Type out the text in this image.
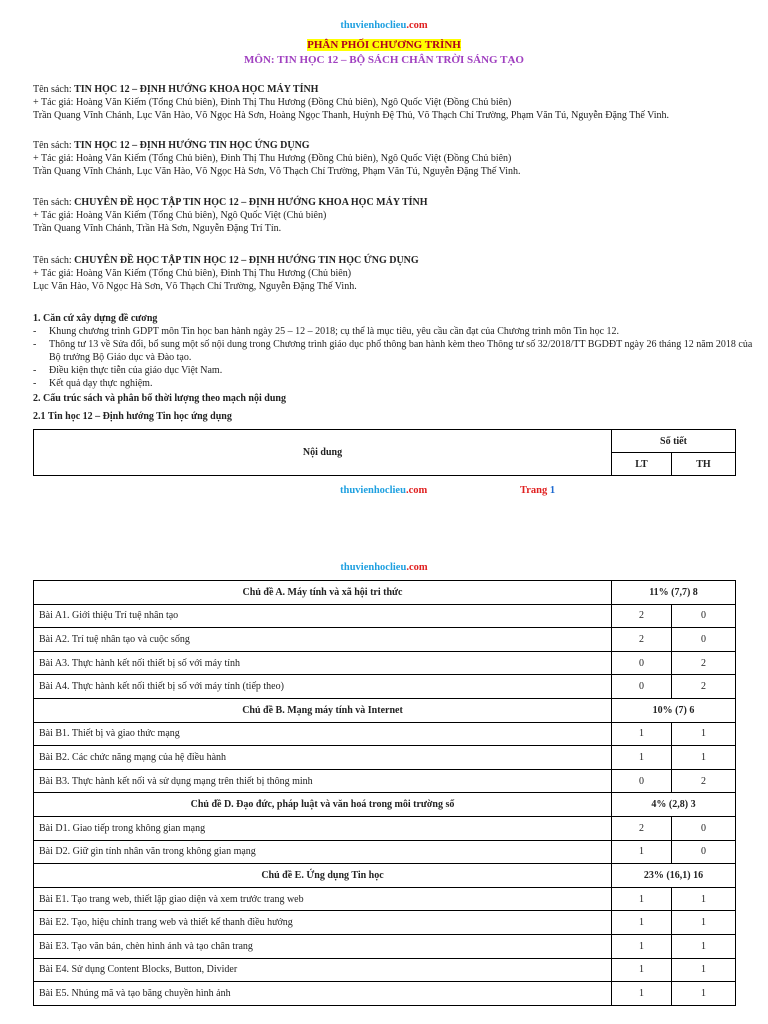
thuvienhoclieu.com
PHÂN PHỐI CHƯƠNG TRÌNH
MÔN: TIN HỌC 12 – BỘ SÁCH CHÂN TRỜI SÁNG TẠO
Tên sách: TIN HỌC 12 – ĐỊNH HƯỚNG KHOA HỌC MÁY TÍNH
+ Tác giả: Hoàng Văn Kiếm (Tổng Chủ biên), Đinh Thị Thu Hương (Đồng Chủ biên), Ngô Quốc Việt (Đồng Chủ biên)
Trần Quang Vĩnh Chánh, Lục Văn Hào, Võ Ngọc Hà Sơn, Hoàng Ngọc Thanh, Huỳnh Đệ Thủ, Võ Thạch Chí Trường, Phạm Văn Tú, Nguyễn Đặng Thế Vinh.
Tên sách: TIN HỌC 12 – ĐỊNH HƯỚNG TIN HỌC ỨNG DỤNG
+ Tác giả: Hoàng Văn Kiếm (Tổng Chủ biên), Đinh Thị Thu Hương (Đồng Chủ biên), Ngô Quốc Việt (Đồng Chủ biên)
Trần Quang Vĩnh Chánh, Lục Văn Hào, Võ Ngọc Hà Sơn, Võ Thạch Chí Trường, Phạm Văn Tú, Nguyễn Đặng Thế Vinh.
Tên sách: CHUYÊN ĐỀ HỌC TẬP TIN HỌC 12 – ĐỊNH HƯỚNG KHOA HỌC MÁY TÍNH
+ Tác giả: Hoàng Văn Kiếm (Tổng Chủ biên), Ngô Quốc Việt (Chủ biên)
Trần Quang Vĩnh Chánh, Trần Hà Sơn, Nguyễn Đặng Trí Tín.
Tên sách: CHUYÊN ĐỀ HỌC TẬP TIN HỌC 12 – ĐỊNH HƯỚNG TIN HỌC ỨNG DỤNG
+ Tác giả: Hoàng Văn Kiếm (Tổng Chủ biên), Đinh Thị Thu Hương (Chủ biên)
Lục Văn Hào, Võ Ngọc Hà Sơn, Võ Thạch Chí Trường, Nguyễn Đặng Thế Vinh.
1. Căn cứ xây dựng đề cương
-	Khung chương trình GDPT môn Tin học ban hành ngày 25 – 12 – 2018; cụ thể là mục tiêu, yêu cầu cần đạt của Chương trình môn Tin học 12.
-	Thông tư 13 về Sửa đổi, bổ sung một số nội dung trong Chương trình giáo dục phổ thông ban hành kèm theo Thông tư số 32/2018/TT BGDĐT ngày 26 tháng 12 năm 2018 của Bộ trưởng Bộ Giáo dục và Đào tạo.
-	Điều kiện thực tiễn của giáo dục Việt Nam.
-	Kết quả dạy thực nghiệm.
2. Cấu trúc sách và phân bố thời lượng theo mạch nội dung
2.1 Tin học 12 – Định hướng Tin học ứng dụng
Nội dung	Số tiết	
	LT	TH
thuvienhoclieu.com	Trang 1
thuvienhoclieu.com
Chủ đề A. Máy tính và xã hội tri thức	11% (7,7) 8	
Bài A1. Giới thiệu Trí tuệ nhân tạo	2	0
Bài A2. Trí tuệ nhân tạo và cuộc sống	2	0
Bài A3. Thực hành kết nối thiết bị số với máy tính	0	2
Bài A4. Thực hành kết nối thiết bị số với máy tính (tiếp theo)	0	2
Chủ đề B. Mạng máy tính và Internet	10% (7) 6	
Bài B1. Thiết bị và giao thức mạng	1	1
Bài B2. Các chức năng mạng của hệ điều hành	1	1
Bài B3. Thực hành kết nối và sử dụng mạng trên thiết bị thông minh	0	2
Chủ đề D. Đạo đức, pháp luật và văn hoá trong môi trường số	4% (2,8) 3	
Bài D1. Giao tiếp trong không gian mạng	2	0
Bài D2. Giữ gìn tính nhân văn trong không gian mạng	1	0
Chủ đề E. Ứng dụng Tin học	23% (16,1) 16	
Bài E1. Tạo trang web, thiết lập giao diện và xem trước trang web	1	1
Bài E2. Tạo, hiệu chỉnh trang web và thiết kế thanh điều hướng	1	1
Bài E3. Tạo văn bản, chèn hình ảnh và tạo chân trang	1	1
Bài E4. Sử dụng Content Blocks, Button, Divider	1	1
Bài E5. Nhúng mã và tạo băng chuyền hình ảnh	1	1
